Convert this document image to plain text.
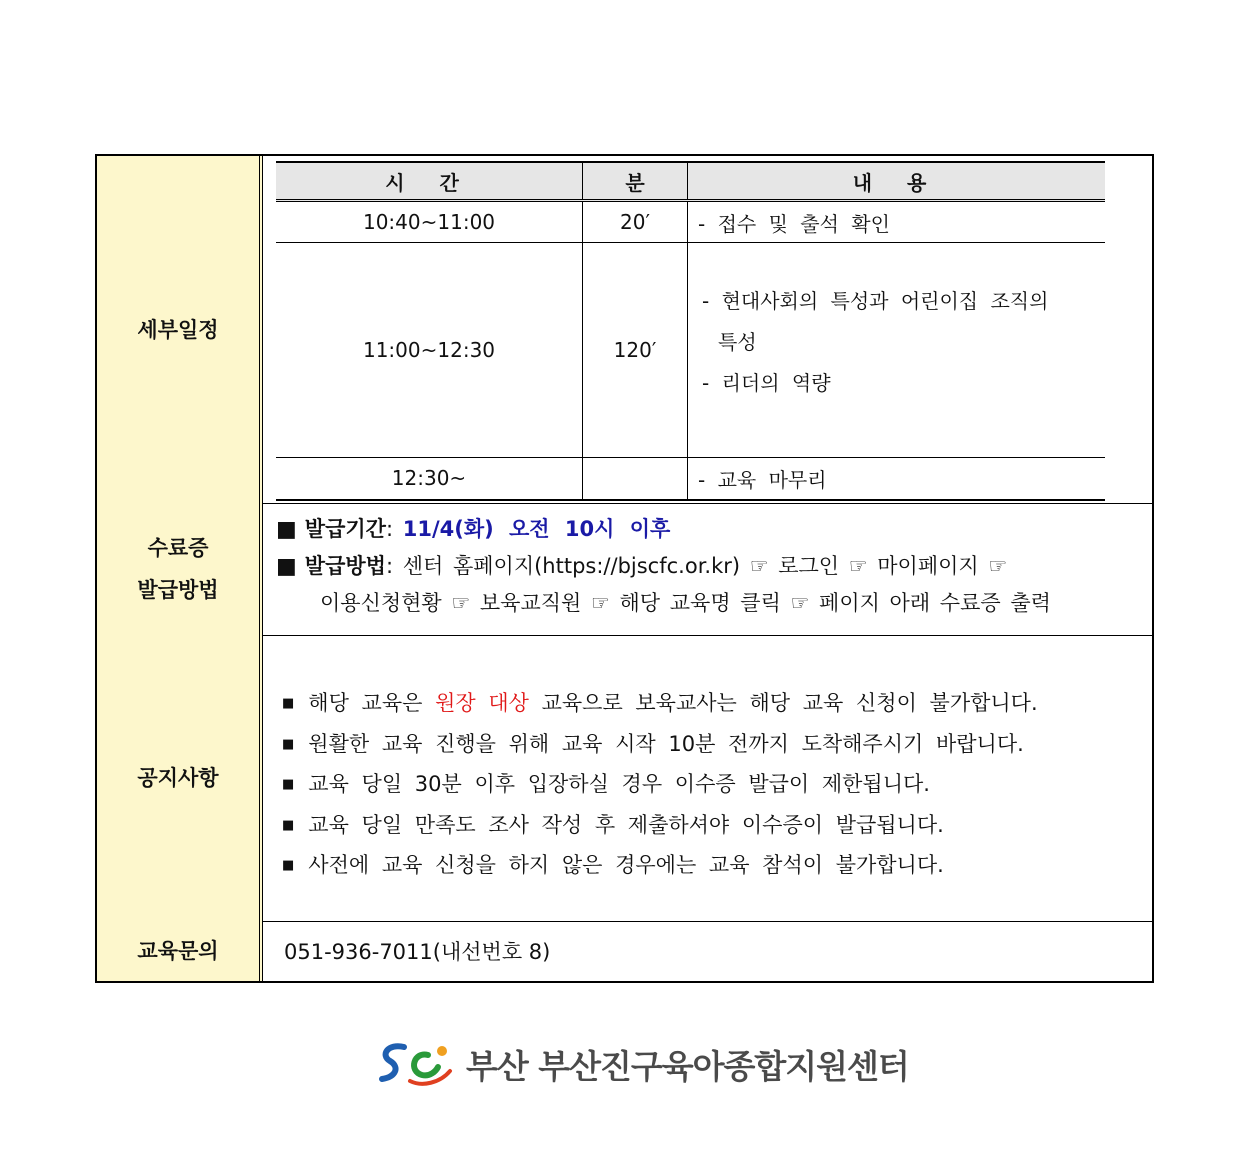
세부일정
시 간	분	내 용
10:40~11:00	20′	- 접수 및 출석 확인
11:00~12:30	120′	- 현대사회의 특성과 어린이집 조직의
특성
- 리더의 역량

12:30~		- 교육 마무리
수료증
발급방법
■ 발급기간: 11/4(화) 오전 10시 이후
■ 발급방법: 센터 홈페이지(https://bjscfc.or.kr) ☞ 로그인 ☞ 마이페이지 ☞
이용신청현황 ☞ 보육교직원 ☞ 해당 교육명 클릭 ☞ 페이지 아래 수료증 출력
공지사항
■ 해당 교육은 원장 대상 교육으로 보육교사는 해당 교육 신청이 불가합니다.
■ 원활한 교육 진행을 위해 교육 시작 10분 전까지 도착해주시기 바랍니다.
■ 교육 당일 30분 이후 입장하실 경우 이수증 발급이 제한됩니다.
■ 교육 당일 만족도 조사 작성 후 제출하셔야 이수증이 발급됩니다.
■ 사전에 교육 신청을 하지 않은 경우에는 교육 참석이 불가합니다.
교육문의	051-936-7011(내선번호 8)
부산 부산진구육아종합지원센터
